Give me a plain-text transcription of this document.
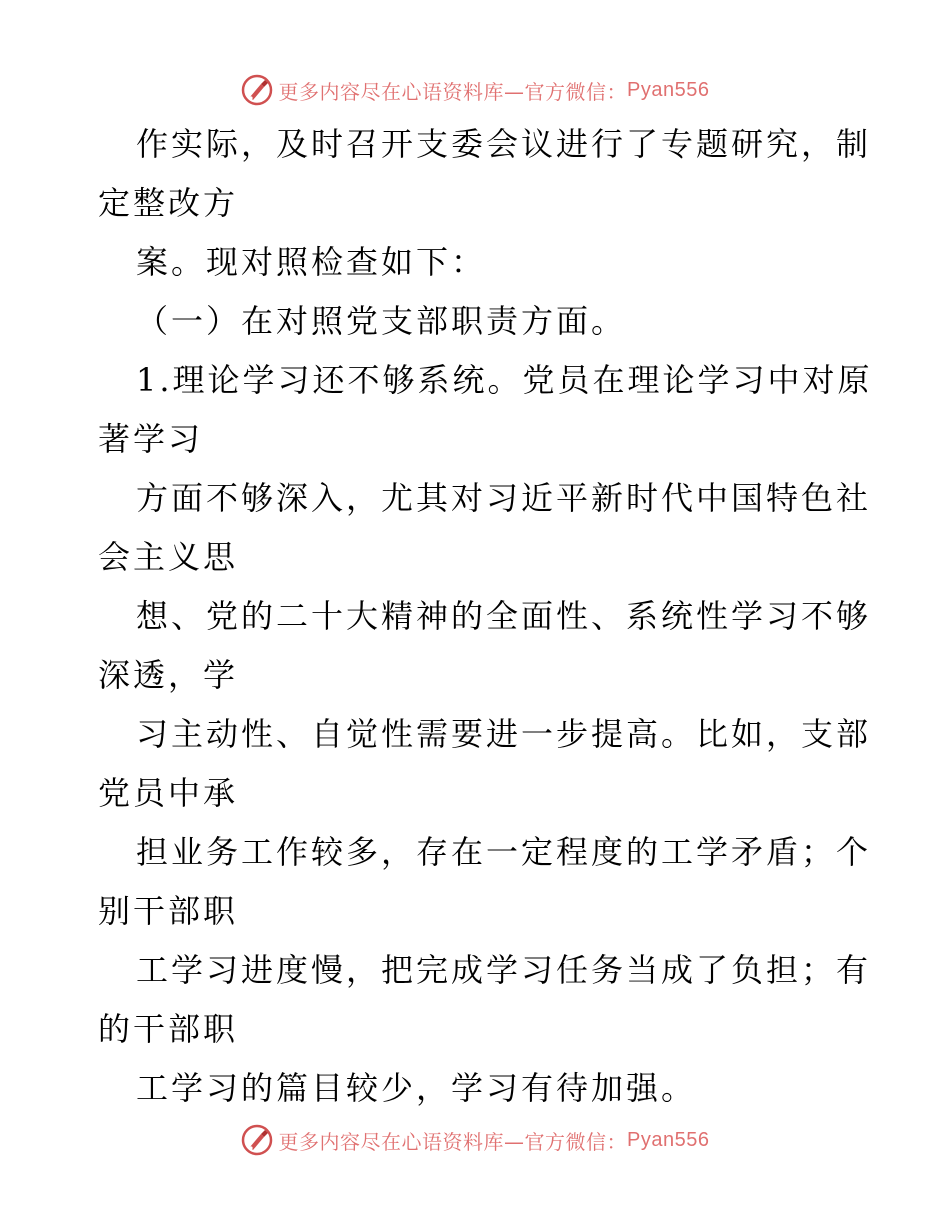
更多内容尽在心语资料库—官方微信： Pyan556
作实际，及时召开支委会议进行了专题研究，制
定整改方
案。现对照检查如下：
（一）在对照党支部职责方面。
1.理论学习还不够系统。党员在理论学习中对原
著学习
方面不够深入，尤其对习近平新时代中国特色社
会主义思
想、党的二十大精神的全面性、系统性学习不够
深透，学
习主动性、自觉性需要进一步提高。比如，支部
党员中承
担业务工作较多，存在一定程度的工学矛盾；个
别干部职
工学习进度慢，把完成学习任务当成了负担；有
的干部职
工学习的篇目较少，学习有待加强。
更多内容尽在心语资料库—官方微信： Pyan556
